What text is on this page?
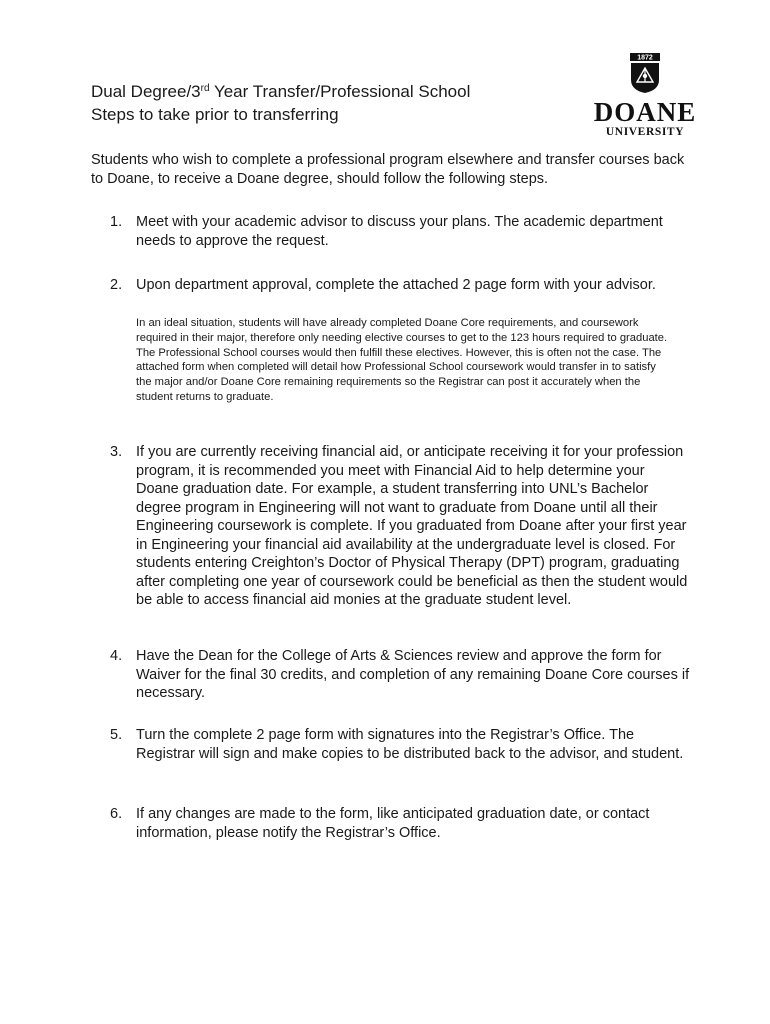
1872
DOANE
UNIVERSITY
Dual Degree/3rd Year Transfer/Professional School
Steps to take prior to transferring
Students who wish to complete a professional program elsewhere and transfer courses back to Doane, to receive a Doane degree, should follow the following steps.
1. Meet with your academic advisor to discuss your plans. The academic department needs to approve the request.
2. Upon department approval, complete the attached 2 page form with your advisor.
In an ideal situation, students will have already completed Doane Core requirements, and coursework required in their major, therefore only needing elective courses to get to the 123 hours required to graduate. The Professional School courses would then fulfill these electives. However, this is often not the case. The attached form when completed will detail how Professional School coursework would transfer in to satisfy the major and/or Doane Core remaining requirements so the Registrar can post it accurately when the student returns to graduate.
3. If you are currently receiving financial aid, or anticipate receiving it for your profession program, it is recommended you meet with Financial Aid to help determine your Doane graduation date. For example, a student transferring into UNL’s Bachelor degree program in Engineering will not want to graduate from Doane until all their Engineering coursework is complete. If you graduated from Doane after your first year in Engineering your financial aid availability at the undergraduate level is closed. For students entering Creighton’s Doctor of Physical Therapy (DPT) program, graduating after completing one year of coursework could be beneficial as then the student would be able to access financial aid monies at the graduate student level.
4. Have the Dean for the College of Arts & Sciences review and approve the form for Waiver for the final 30 credits, and completion of any remaining Doane Core courses if necessary.
5. Turn the complete 2 page form with signatures into the Registrar’s Office. The Registrar will sign and make copies to be distributed back to the advisor, and student.
6. If any changes are made to the form, like anticipated graduation date, or contact information, please notify the Registrar’s Office.
